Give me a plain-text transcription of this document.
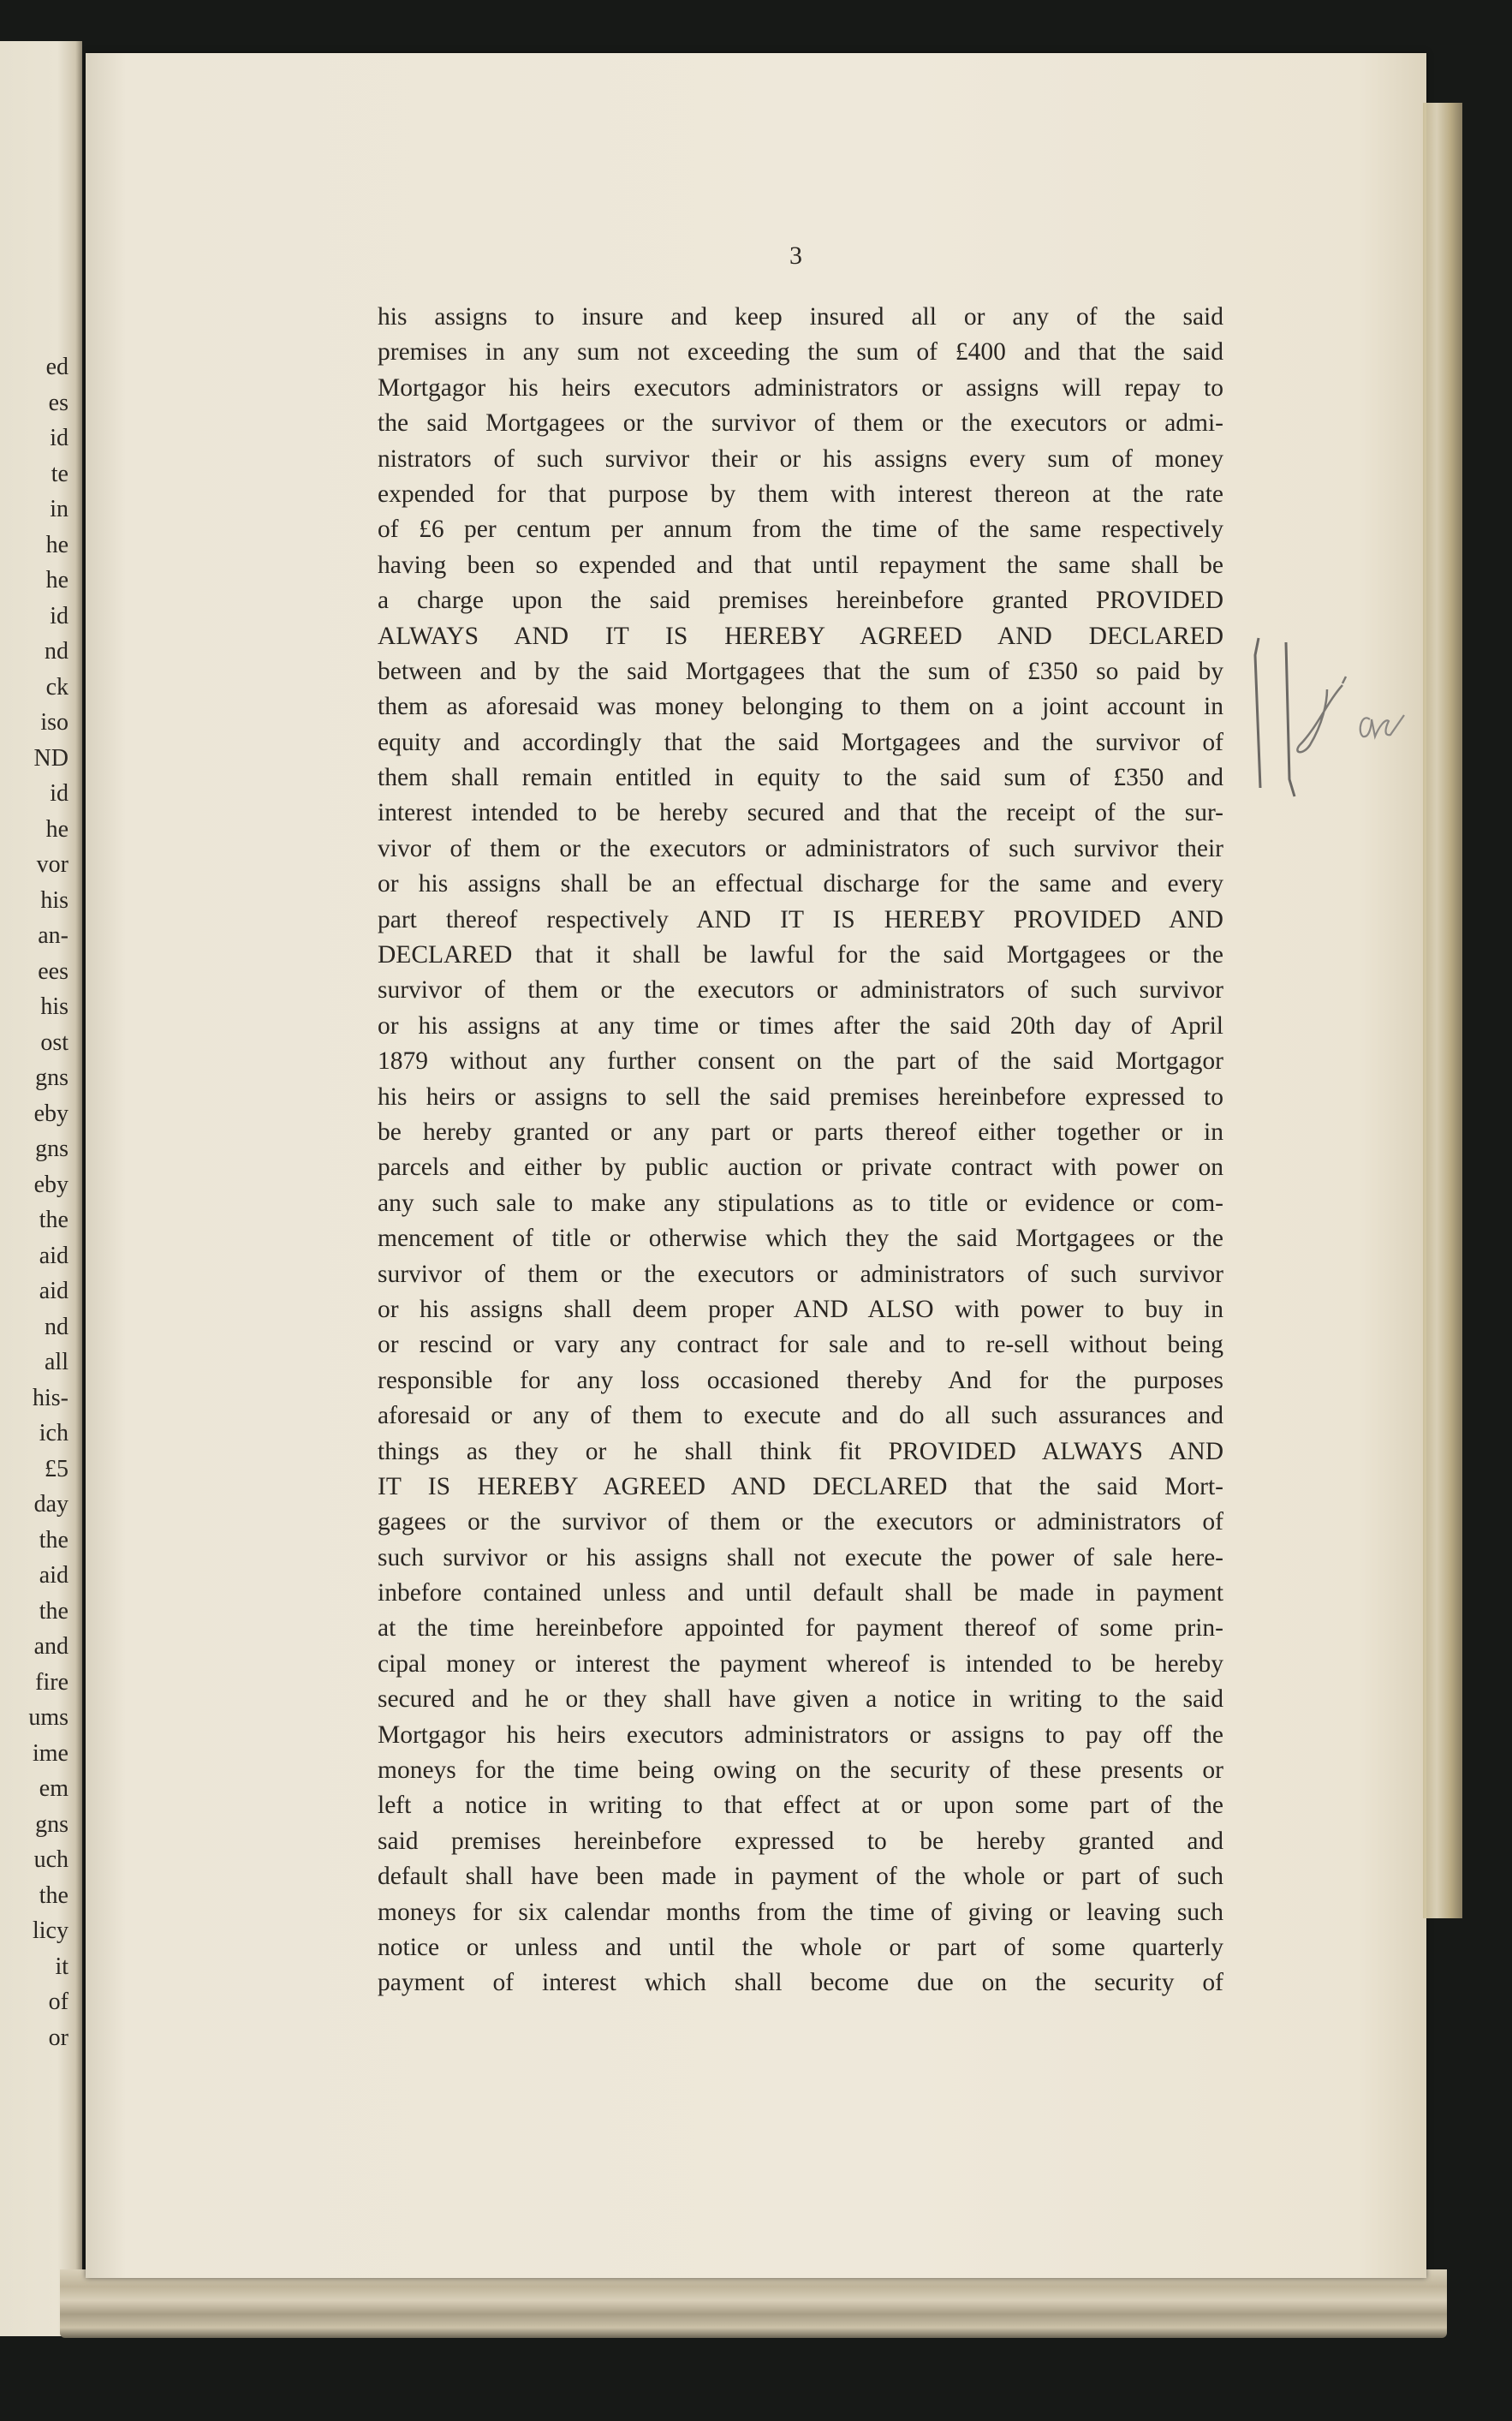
ed
es
id
te
in
he
he
id
nd
ck
iso
ND
id
he
vor
his
an-
ees
his
ost
gns
eby
gns
eby
the
aid
aid
nd
all
his-
ich
£5
day
the
aid
the
and
fire
ums
ime
em
gns
uch
the
licy
it
of
or
3
his assigns to insure and keep insured all or any of the said
premises in any sum not exceeding the sum of £400 and that the said
Mortgagor his heirs executors administrators or assigns will repay to
the said Mortgagees or the survivor of them or the executors or admi-
nistrators of such survivor their or his assigns every sum of money
expended for that purpose by them with interest thereon at the rate
of £6 per centum per annum from the time of the same respectively
having been so expended and that until repayment the same shall be
a charge upon the said premises hereinbefore granted PROVIDED
ALWAYS AND IT IS HEREBY AGREED AND DECLARED
between and by the said Mortgagees that the sum of £350 so paid by
them as aforesaid was money belonging to them on a joint account in
equity and accordingly that the said Mortgagees and the survivor of
them shall remain entitled in equity to the said sum of £350 and
interest intended to be hereby secured and that the receipt of the sur-
vivor of them or the executors or administrators of such survivor their
or his assigns shall be an effectual discharge for the same and every
part thereof respectively AND IT IS HEREBY PROVIDED AND
DECLARED that it shall be lawful for the said Mortgagees or the
survivor of them or the executors or administrators of such survivor
or his assigns at any time or times after the said 20th day of April
1879 without any further consent on the part of the said Mortgagor
his heirs or assigns to sell the said premises hereinbefore expressed to
be hereby granted or any part or parts thereof either together or in
parcels and either by public auction or private contract with power on
any such sale to make any stipulations as to title or evidence or com-
mencement of title or otherwise which they the said Mortgagees or the
survivor of them or the executors or administrators of such survivor
or his assigns shall deem proper AND ALSO with power to buy in
or rescind or vary any contract for sale and to re-sell without being
responsible for any loss occasioned thereby And for the purposes
aforesaid or any of them to execute and do all such assurances and
things as they or he shall think fit PROVIDED ALWAYS AND
IT IS HEREBY AGREED AND DECLARED that the said Mort-
gagees or the survivor of them or the executors or administrators of
such survivor or his assigns shall not execute the power of sale here-
inbefore contained unless and until default shall be made in payment
at the time hereinbefore appointed for payment thereof of some prin-
cipal money or interest the payment whereof is intended to be hereby
secured and he or they shall have given a notice in writing to the said
Mortgagor his heirs executors administrators or assigns to pay off the
moneys for the time being owing on the security of these presents or
left a notice in writing to that effect at or upon some part of the
said premises hereinbefore expressed to be hereby granted and
default shall have been made in payment of the whole or part of such
moneys for six calendar months from the time of giving or leaving such
notice or unless and until the whole or part of some quarterly
payment of interest which shall become due on the security of
